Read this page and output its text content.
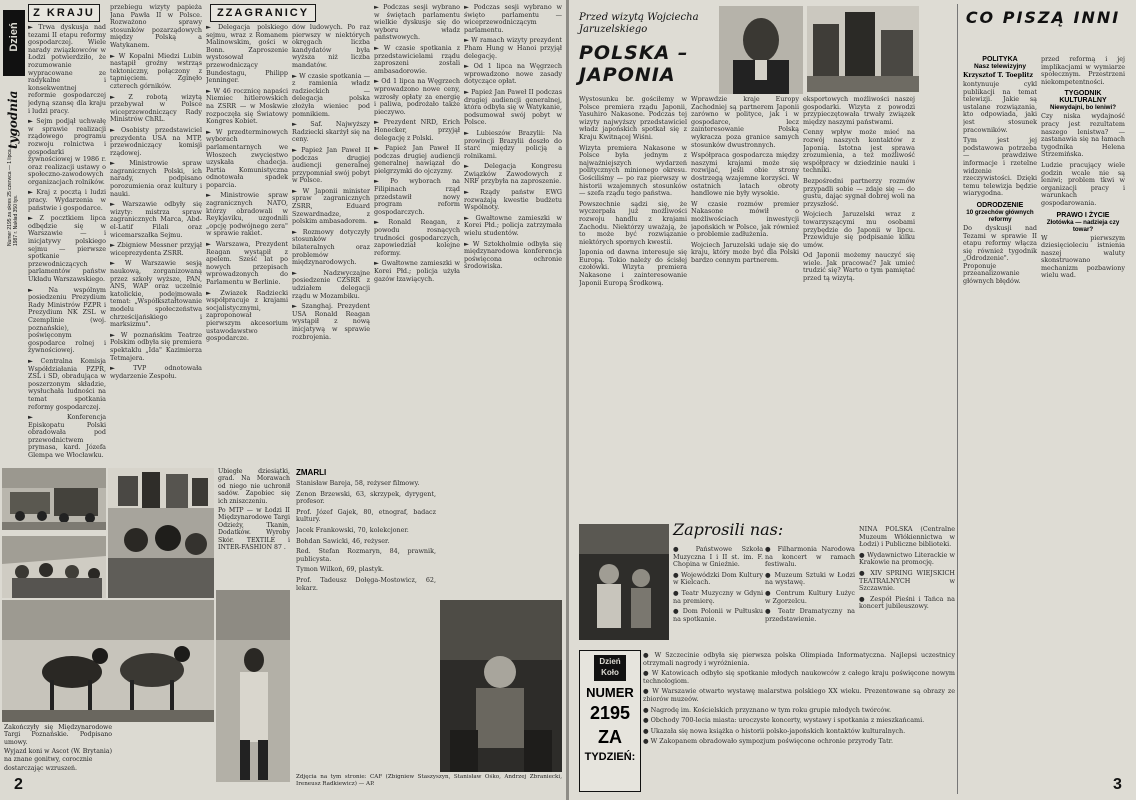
Dzień
tygodnia
Numer 2195 za okres 25 czerwca — 1 lipca 1987 r. Nakład 350 tys.
Z KRAJU

► Trwa dyskusja nad tezami II etapu reformy gospodarczej. Wiele narady związkowców w Łodzi potwierdziło, że rozumowanie wypracowane ze radykalne i konsekwentnej reformie gospodarczej jedyną szansę dla kraju i ludzi pracy.

► Sejm podjął uchwałę w sprawie realizacji rządowego programu rozwoju rolnictwa i gospodarki żywnościowej w 1986 r. oraz realizacji ustawy o społeczno-zawodowych organizacjach rolników.

► Kraj z pocztą i ludzi pracy. Wydarzenia w państwie i gospodarce.

► Z pocztkiem lipca odbędzie się w Warszawie — i inicjatywy polskiego sejmu — pierwsze spotkanie przewodniczących parlamentów państw Układu Warszawskiego.

► Na wspólnym posiedzeniu Prezydium Rady Ministrów PZPR i Prezydium NK ZSL w Czemplinie (woj. poznańskie), poświęconym gospodarce rolnej i żywnościowej.

► Centralna Komisja Współdziałania PZPR, ZSL i SD, obradująca w poszerzonym składzie, wysłuchała ludności na temat spotkania reformy gospodarczej.

► Konferencja Episkopatu Polski obradowała pod przewodnictwem prymasa, kard. Józefa Glempa we Włocławku.

przebiegu wizyty papieża Jana Pawła II w Polsce. Rozważono sprawy stosunków pozarządowych między Polską a Watykanem.

► W Kopalni Miedzi Lubin nastąpił groźny wstrząs tektoniczny, połączony z tąpnięciem. Zginęło czterech górników.

► Z robotą wizytą przebywał w Polsce wiceprzewodniczący Rady Ministrów ChRL.

► Osobisty przedstawiciel prezydenta USA na MTP, przewodniczący komisji rządowej.

► Ministrowie spraw zagranicznych Polski, ich narady, podpisano porozumienia oraz kultury i nauki.

► Warszawie odbyły się wizyty: mistrza spraw zagranicznych Marca, Abd-el-Latif Filali oraz wicemarszałka Sejmu.

► Zbigniew Messner przyjął wiceprezydenta ZSRR.

► W Warszawie sesją naukową, zorganizowaną przez szkoły wyższe, PAN, ANS, WAP oraz uczelnie katolickie, podejmowała temat: „Współkształtowanie modelu społeczeństwa chrześcijańskiego i marksizmu".

► W poznańskim Teatrze Polskim odbyła się premiera spektaklu „Ida" Kazimierza Tetmajera.

► TVP odnotowała wydarzenie Zespołu.

ZZAGRANICY

► Delegacja polskiego sejmu, wraz z Romanem Malinowskim, gości w Bonn. Zaproszenie wystosował przewodniczący Bundestagu, Philipp Jenninger.

► W 46 rocznicę napaści Niemiec hitlerowskich na ZSRR — w Moskwie rozpoczęła się Światowy Kongres Kobiet.

► W przedterminowych wyborach parlamentarnych we Włoszech zwycięstwo uzyskała chadecja. Partia Komunistyczna odnotowała spadek poparcia.

► Ministrowie spraw zagranicznych NATO, którzy obradowali w Reykjaviku, uzgodnili „opcję podwójnego zera" w sprawie rakiet.

► Warszawa, Prezydent Reagan wystąpił z apelem. Sześć lat po nowych przepisach wprowadzonych do Parlamentu w Berlinie.

► Zwiazek Radziecki współpracuje z krajami socjalistycznymi, zaproponował pierwszym akcesorium ustawodawstwo gospodarcze.

dów ludowych. Po raz pierwszy w niektórych okręgach liczba kandydatów była wyższa niż liczba mandatów.

► W czasie spotkania — z ramienia władz radzieckich — delegacja polska złożyła wieniec pod pomnikiem.

► Saf. Najwyższy Radziecki skarżył się na ceny.

► Papież Jan Paweł II podczas drugiej audiencji generalnej przypomniał swój pobyt w Polsce.

► W Japonii minister spraw zagranicznych ZSRR, Eduard Szewardnadze, z polskim ambasadorem.

► Rozmowy dotyczyły stosunków bilateralnych oraz problemów międzynarodowych.

► Nadzwyczajne posiedzenie CZSRR z udziałem delegacji rządu w Mozambiku.

► Szanghaj. Prezydent USA Ronald Reagan wystąpił z nową inicjatywą w sprawie rozbrojenia.

► Podczas sesji wybrano w świętach parlamentu wielkie dyskusje się do wyboru władz państwowych.

► W czasie spotkania z przedstawicielami rządu zaproszeni zostali ambasadorowie.

► Od 1 lipca na Węgrzech wprowadzono nowe ceny, wzrosły opłaty za energię i paliwa, podrożało także pieczywo.

► Prezydent NRD, Erich Honecker, przyjął delegację z Polski.

► Papież Jan Paweł II podczas drugiej audiencji generalnej nawiązał do pielgrzymki do ojczyzny.

► Po wyborach na Filipinach rząd przedstawił nowy program reform gospodarczych.

► Ronald Reagan, z powodu rosnących trudności gospodarczych, zapowiedział kolejne reformy.

► Gwałtowne zamieszki w Korei Płd.; policja użyła gazów łzawiących.

► Podczas sesji wybrano w święto parlamentu — wiceprzewodniczącym parlamentu.

► W ramach wizyty prezydent Pham Hung w Hanoi przyjął delegację.

► Od 1 lipca na Węgrzech wprowadzono nowe zasady dotyczące opłat.

► Papież Jan Paweł II podczas drugiej audiencji generalnej, która odbyła się w Watykanie, podsumował swój pobyt w Polsce.

► Lubieszów Brazylii: Na prowincji Brazylii doszło do starć między policją a rolnikami.

► Delegacja Kongresu Związków Zawodowych z NRF przybyła na zaproszenie.

► Rządy państw EWG rozważają kwestie budżetu Wspólnoty.

► Gwałtowne zamieszki w Korei Płd.; policja zatrzymała wielu studentów.

► W Sztokholmie odbyła się międzynarodowa konferencja poświęcona ochronie środowiska.

Ubiegłe dziesiątki, grad. Na Morawach od niego nie uchronił sadów. Zapobiec się ich zniszczeniu.

Po MTP — w Łodzi II Międzynarodowe Targi Odzieży, Tkanin, Dodatków. Wyroby Skór. TEXTILE i INTER-FASHION 87 .

Zakończyły się Międzynarodowe Targi Poznańskie. Podpisano umowy.

Wyjazd koni w Ascot (W. Brytania) na znane gonitwy, corocznie

dostarczając wzruszeń.

ZMARLI

Stanisław Bareja, 58, reżyser filmowy.

Zenon Brzewski, 63, skrzypek, dyrygent, profesor.

Prof. Józef Gajek, 80, etnograf, badacz kultury.

Jacek Frankowski, 70, kolekcjoner.

Bohdan Sawicki, 46, reżyser.

Red. Stefan Rozmaryn, 84, prawnik, publicysta.

Tymon Wilkoń, 69, plastyk.

Prof. Tadeusz Dołęga-Mostowicz, 62, lekarz.

Zdjęcia na tym stronie: CAF (Zbigniew Staszyszyn, Stanisław Ośko, Andrzej Zbraniecki, Ireneusz Radkiewicz) — AP.

2
Przed wizytą Wojciecha Jaruzelskiego
POLSKA – JAPONIA

Wystosunku br. gościłemy w Polsce premiera rządu Japonii, Yasuhiro Nakasone. Podczas tej wizyty najwyższy przedstawiciel władz japońskich spotkał się z Kraju Kwitnącej Wiśni.

Wizyta premiera Nakasone w Polsce była jednym z najważniejszych wydarzeń politycznych minionego okresu. Gościliśmy — po raz pierwszy w historii wzajemnych stosunków — szefa rządu tego państwa.

Powszechnie sądzi się, że wyczerpała już możliwości rozwoju handlu z krajami Zachodu. Niektórzy uważają, że to może być rozwiązanie niektórych spornych kwestii.

Japonia od dawna interesuje się Europą. Tokio należy do ścisłej czołówki. Wizyta premiera Nakasone i zainteresowanie Japonii Europą Środkową.

Wprawdzie kraje Europy Zachodniej są partnerem Japonii zarówno w polityce, jak i w gospodarce, lecz zainteresowanie Polską wykracza poza granice samych stosunków dwustronnych.

Współpraca gospodarcza między naszymi krajami może się rozwijać, jeśli obie strony dostrzegą wzajemne korzyści. W ostatnich latach obroty handlowe nie były wysokie.

W czasie rozmów premier Nakasone mówił o możliwościach inwestycji japońskich w Polsce, jak również o problemie zadłużenia.

Wojciech Jaruzelski udaje się do kraju, który może być dla Polski bardzo cennym partnerem.

eksportowych możliwości naszej gospodarki. Wizyta z powodzi przypieczętowała trwały związek między naszymi państwami.

Cenny wpływ może mieć na rozwój naszych kontaktów z Japonią. Istotna jest sprawa zrozumienia, a też możliwość współpracy w dziedzinie nauki i techniki.

Bezpośredni partnerzy rozmów przypadli sobie — zdaje się — do gustu, dając sygnał dobrej woli na przyszłość.

Wojciech Jaruzelski wraz z towarzyszącymi mu osobami przybędzie do Japonii w lipcu. Przewiduje się podpisanie kilku umów.

Od Japonii możemy nauczyć się wiele. Jak pracować? Jak umieć trudzić się? Warto o tym pamiętać przed tą wizytą.

CO PISZĄ INNI
POLITYKA
Nasz telewizyjny
Krzysztof T. Toeplitz

kontynuuje cykl publikacji na temat telewizji. Jakie są ustalane rozwiązania, kto odpowiada, jaki jest stosunek pracowników.

Tym jest jej podstawowa potrzeba — prawdziwe informacje i rzetelne widzenie rzeczywistości. Dzięki temu telewizja będzie wiarygodna.

ODRODZENIE
10 grzechów głównych reformy

Do dyskusji nad Tezami w sprawie II etapu reformy włącza się również tygodnik „Odrodzenie". Proponuje przeanalizowanie głównych błędów.

przed reformą i jej implikacjami w wymiarze społecznym. Przestrzeni niekompetentności.

TYGODNIK KULTURALNY
Niewydajni, bo leniwi?

Czy niska wydajność pracy jest rezultatem naszego lenistwa? — zastanawia się na łamach tygodnika Helena Strzemińska.

Ludzie pracujący wiele godzin wcale nie są leniwi; problem tkwi w organizacji pracy i warunkach gospodarowania.

PRAWO I ŻYCIE
Złotówka — nadzieja czy towar?

W pierwszym dziesięcioleciu istnienia naszej waluty skonstruowano mechanizm pozbawiony wielu wad.

Zaprosili nas:

● Państwowe Szkoła Muzyczna I i II st. im. F. Chopina w Gnieźnie.

● Wojewódzki Dom Kultury w Kielcach.

● Teatr Muzyczny w Gdyni na premierę.

● Dom Polonii w Pułtusku na spotkanie.

● Filharmonia Narodowa na koncert w ramach festiwalu.

● Muzeum Sztuki w Łodzi na wystawę.

● Centrum Kultury Łużyc w Zgorzelcu.

● Teatr Dramatyczny na przedstawienie.

NINA POLSKA (Centralne Muzeum Włókiennictwa w Łodzi) i Publiczne biblioteki.

● Wydawnictwo Literackie w Krakowie na promocję.

● XIV SPRING WIEJSKICH TEATRALNYCH w Szczawnie.

● Zespół Pieśni i Tańca na koncert jubileuszowy.

Dzień
Koło
NUMER
2195
ZA
TYDZIEŃ:

● W Szczecinie odbyła się pierwsza polska Olimpiada Informatyczna. Najlepsi uczestnicy otrzymali nagrody i wyróżnienia.

● W Katowicach odbyło się spotkanie młodych naukowców z całego kraju poświęcone nowym technologiom.

● W Warszawie otwarto wystawę malarstwa polskiego XX wieku. Prezentowane są obrazy ze zbiorów muzeów.

● Nagrodę im. Kościelskich przyznano w tym roku grupie młodych twórców.

● Obchody 700-lecia miasta: uroczyste koncerty, wystawy i spotkania z mieszkańcami.

● Ukazała się nowa książka o historii polsko-japońskich kontaktów kulturalnych.

● W Zakopanem obradowało sympozjum poświęcone ochronie przyrody Tatr.

3
